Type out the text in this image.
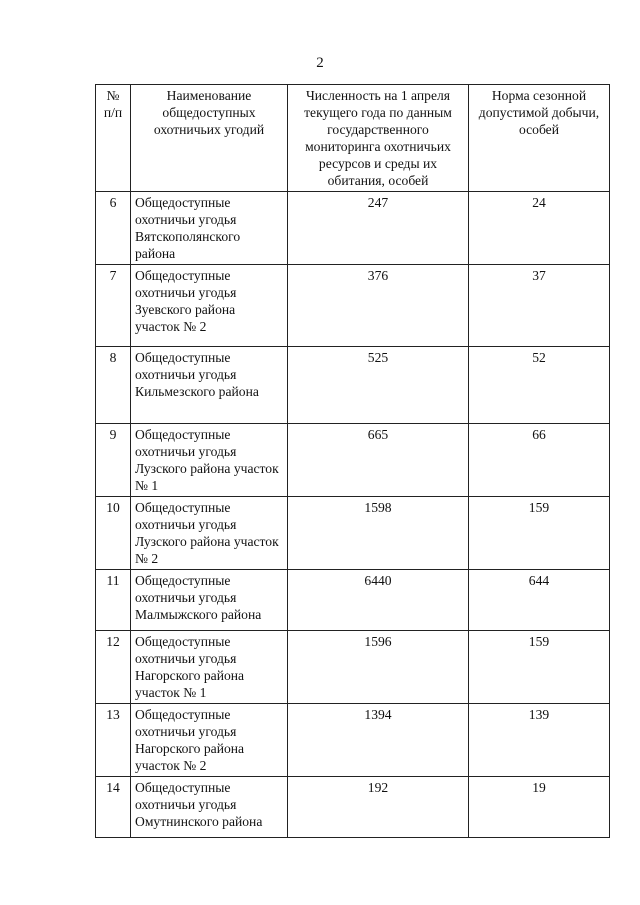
2
№ п/п	Наименование общедоступных охотничьих угодий	Численность на 1 апреля текущего года по данным государственного мониторинга охотничьих ресурсов и среды их обитания, особей	Норма сезонной допустимой добычи, особей
6	Общедоступные охотничьи угодья Вятскополянского района	247	24
7	Общедоступные охотничьи угодья Зуевского района участок № 2	376	37
8	Общедоступные охотничьи угодья Кильмезского района	525	52
9	Общедоступные охотничьи угодья Лузского района участок № 1	665	66
10	Общедоступные охотничьи угодья Лузского района участок № 2	1598	159
11	Общедоступные охотничьи угодья Малмыжского района	6440	644
12	Общедоступные охотничьи угодья Нагорского района участок № 1	1596	159
13	Общедоступные охотничьи угодья Нагорского района участок № 2	1394	139
14	Общедоступные охотничьи угодья Омутнинского района	192	19
